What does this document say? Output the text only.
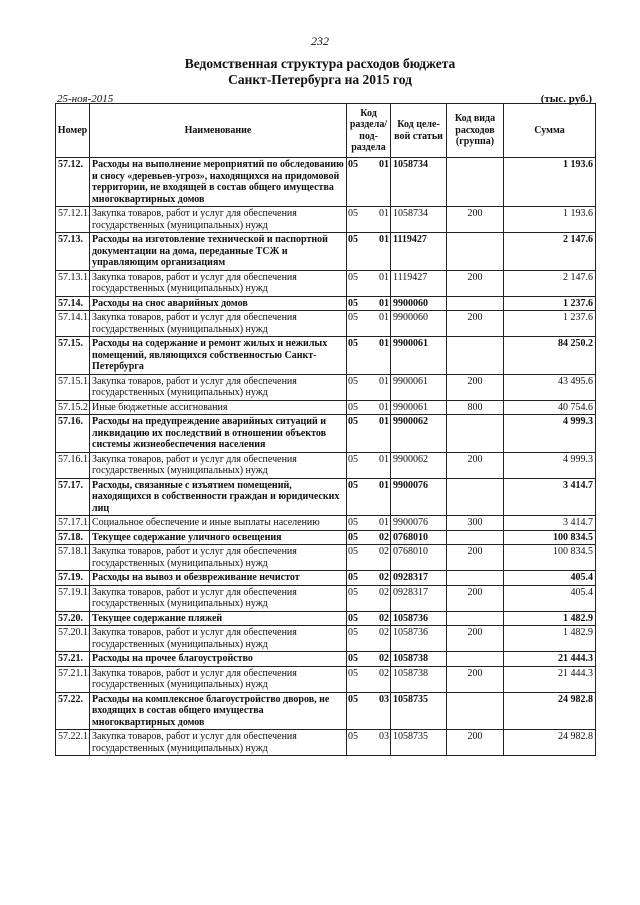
232
Ведомственная структура расходов бюджета
Санкт-Петербурга на 2015 год
25-ноя-2015	(тыс. руб.)
Номер	Наименование	Код раздела/ под-раздела	Код целе-вой статьи	Код вида расходов (группа)	Сумма
57.12.	Расходы на выполнение мероприятий по обследованию и сносу «деревьев-угроз», находящихся на придомовой территории, не входящей в состав общего имущества многоквартирных домов	05 01	1058734		1 193.6
57.12.1.	Закупка товаров, работ и услуг для обеспечения государственных (муниципальных) нужд	05 01	1058734	200	1 193.6
57.13.	Расходы на изготовление технической и паспортной документации на дома, переданные ТСЖ и управляющим организациям	05 01	1119427		2 147.6
57.13.1.	Закупка товаров, работ и услуг для обеспечения государственных (муниципальных) нужд	05 01	1119427	200	2 147.6
57.14.	Расходы на снос аварийных домов	05 01	9900060		1 237.6
57.14.1.	Закупка товаров, работ и услуг для обеспечения государственных (муниципальных) нужд	05 01	9900060	200	1 237.6
57.15.	Расходы на содержание и ремонт жилых и нежилых помещений, являющихся собственностью Санкт-Петербурга	05 01	9900061		84 250.2
57.15.1.	Закупка товаров, работ и услуг для обеспечения государственных (муниципальных) нужд	05 01	9900061	200	43 495.6
57.15.2.	Иные бюджетные ассигнования	05 01	9900061	800	40 754.6
57.16.	Расходы на предупреждение аварийных ситуаций и ликвидацию их последствий в отношении объектов системы жизнеобеспечения населения	05 01	9900062		4 999.3
57.16.1.	Закупка товаров, работ и услуг для обеспечения государственных (муниципальных) нужд	05 01	9900062	200	4 999.3
57.17.	Расходы, связанные с изъятием помещений, находящихся в собственности граждан и юридических лиц	05 01	9900076		3 414.7
57.17.1.	Социальное обеспечение и иные выплаты населению	05 01	9900076	300	3 414.7
57.18.	Текущее содержание уличного освещения	05 02	0768010		100 834.5
57.18.1.	Закупка товаров, работ и услуг для обеспечения государственных (муниципальных) нужд	05 02	0768010	200	100 834.5
57.19.	Расходы на вывоз и обезвреживание нечистот	05 02	0928317		405.4
57.19.1.	Закупка товаров, работ и услуг для обеспечения государственных (муниципальных) нужд	05 02	0928317	200	405.4
57.20.	Текущее содержание пляжей	05 02	1058736		1 482.9
57.20.1.	Закупка товаров, работ и услуг для обеспечения государственных (муниципальных) нужд	05 02	1058736	200	1 482.9
57.21.	Расходы на прочее благоустройство	05 02	1058738		21 444.3
57.21.1.	Закупка товаров, работ и услуг для обеспечения государственных (муниципальных) нужд	05 02	1058738	200	21 444.3
57.22.	Расходы на комплексное благоустройство дворов, не входящих в состав общего имущества многоквартирных домов	05 03	1058735		24 982.8
57.22.1.	Закупка товаров, работ и услуг для обеспечения государственных (муниципальных) нужд	05 03	1058735	200	24 982.8
